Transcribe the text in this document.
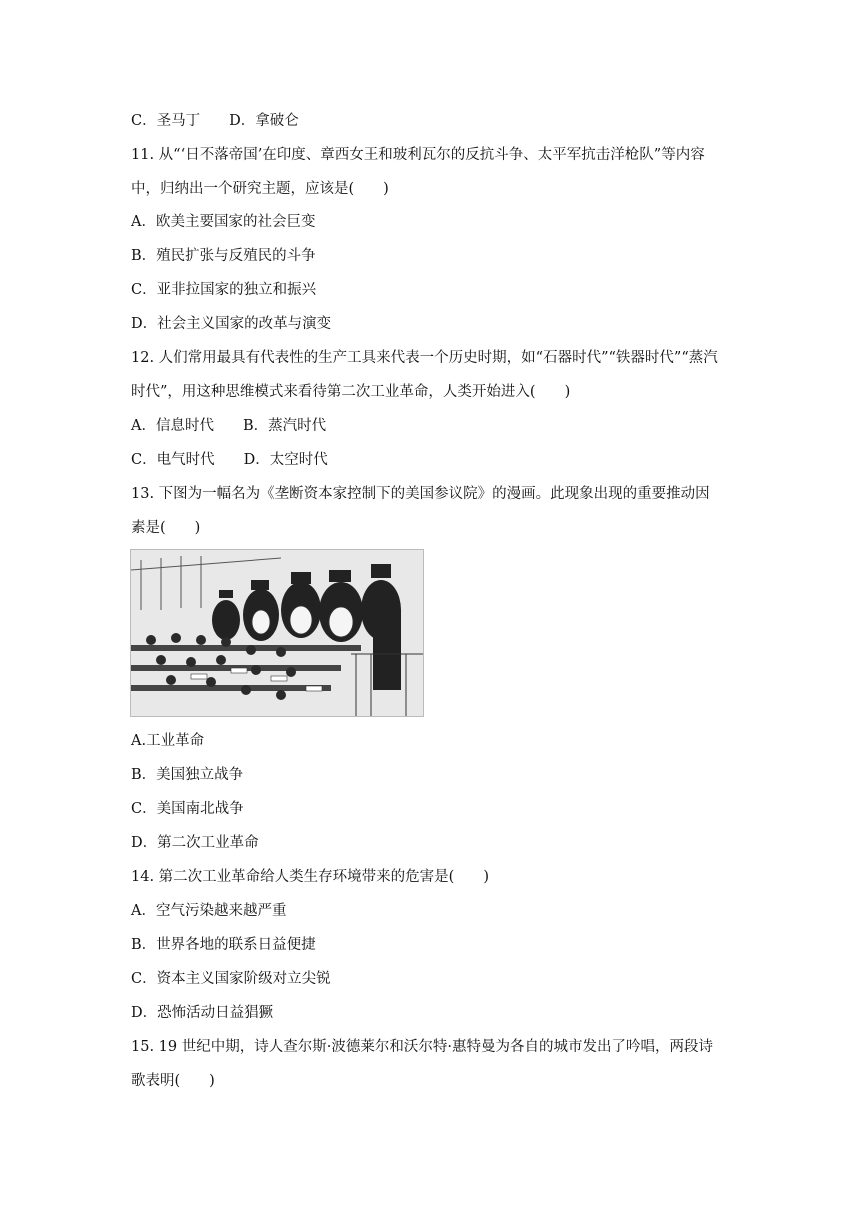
C．圣马丁　　D．拿破仑
11. 从“‘日不落帝国’在印度、章西女王和玻利瓦尔的反抗斗争、太平军抗击洋枪队”等内容
中，归纳出一个研究主题，应该是(　　)
A．欧美主要国家的社会巨变
B．殖民扩张与反殖民的斗争
C．亚非拉国家的独立和振兴
D．社会主义国家的改革与演变
12. 人们常用最具有代表性的生产工具来代表一个历史时期，如“石器时代”“铁器时代”“蒸汽
时代”，用这种思维模式来看待第二次工业革命，人类开始进入(　　)
A．信息时代　　B．蒸汽时代
C．电气时代　　D．太空时代
13. 下图为一幅名为《垄断资本家控制下的美国参议院》的漫画。此现象出现的重要推动因
素是(　　)
A.工业革命
B．美国独立战争
C．美国南北战争
D．第二次工业革命
14. 第二次工业革命给人类生存环境带来的危害是(　　)
A．空气污染越来越严重
B．世界各地的联系日益便捷
C．资本主义国家阶级对立尖锐
D．恐怖活动日益猖獗
15. 19 世纪中期，诗人查尔斯·波德莱尔和沃尔特·惠特曼为各自的城市发出了吟唱，两段诗
歌表明(　　)
